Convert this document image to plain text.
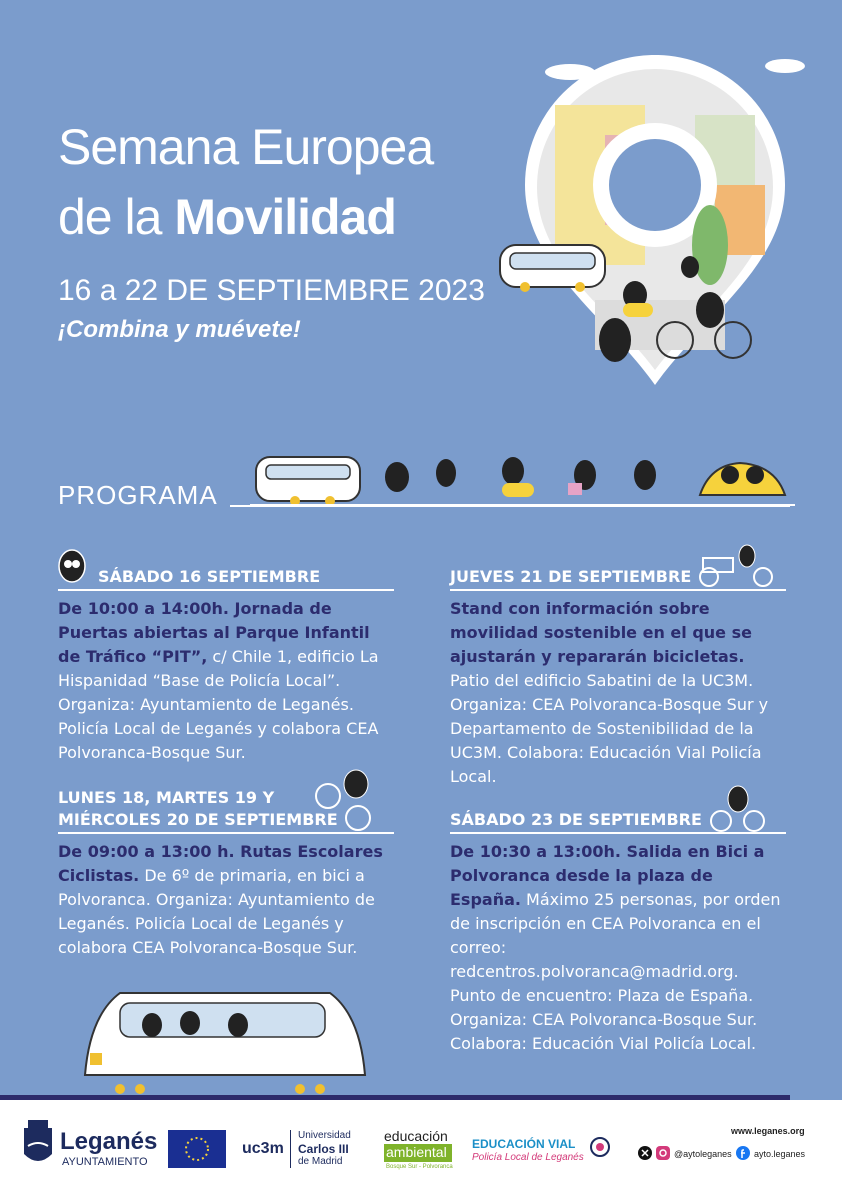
Semana Europea
de la Movilidad
16 a 22 DE SEPTIEMBRE 2023
¡Combina y muévete!
PROGRAMA
SÁBADO 16 SEPTIEMBRE

De 10:00 a 14:00h. Jornada de Puertas abiertas al Parque Infantil de Tráfico “PIT”, c/ Chile 1, edificio La Hispanidad “Base de Policía Local”. Organiza: Ayuntamiento de Leganés. Policía Local de Leganés y colabora CEA Polvoranca-Bosque Sur.

LUNES 18, MARTES 19 Y
MIÉRCOLES 20 DE SEPTIEMBRE

De 09:00 a 13:00 h. Rutas Escolares Ciclistas. De 6º de primaria, en bici a Polvoranca. Organiza: Ayuntamiento de Leganés. Policía Local de Leganés y colabora CEA Polvoranca-Bosque Sur.

JUEVES 21 DE SEPTIEMBRE

Stand con información sobre movilidad sostenible en el que se ajustarán y repararán bicicletas. Patio del edificio Sabatini de la UC3M. Organiza: CEA Polvoranca-Bosque Sur y Departamento de Sostenibilidad de la UC3M. Colabora: Educación Vial Policía Local.

SÁBADO 23 DE SEPTIEMBRE

De 10:30 a 13:00h. Salida en Bici a Polvoranca desde la plaza de España. Máximo 25 personas, por orden de inscripción en CEA Polvoranca en el correo: redcentros.polvoranca@madrid.org. Punto de encuentro: Plaza de España. Organiza: CEA Polvoranca-Bosque Sur. Colabora: Educación Vial Policía Local.

Leganés
AYUNTAMIENTO
uc3m
Universidad
Carlos III
de Madrid
educación
ambiental
Bosque Sur - Polvoranca
EDUCACIÓN VIAL
Policía Local de Leganés
www.leganes.org
@aytoleganes ayto.leganes
